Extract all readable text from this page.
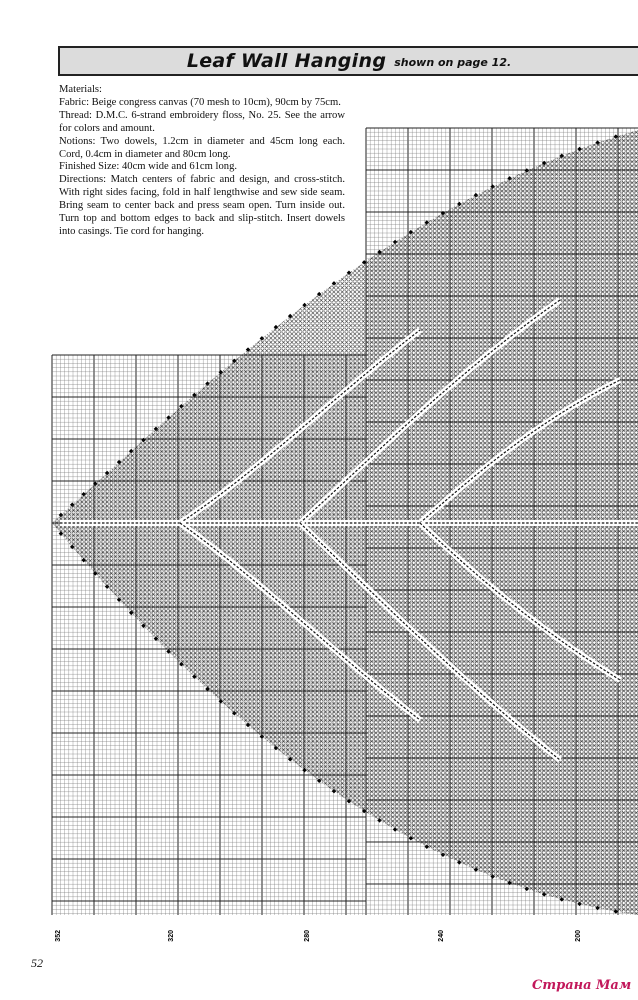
Leaf Wall Hanging shown on page 12.

Materials:

Fabric: Beige congress canvas (70 mesh to 10cm), 90cm by 75cm.

Thread: D.M.C. 6-strand embroidery floss, No. 25. See the arrow for colors and amount.

Notions: Two dowels, 1.2cm in diameter and 45cm long each. Cord, 0.4cm in diameter and 80cm long.

Finished Size: 40cm wide and 61cm long.

Directions: Match centers of fabric and design, and cross-stitch. With right sides facing, fold in half lengthwise and sew side seam. Bring seam to center back and press seam open. Turn inside out. Turn top and bottom edges to back and slip-stitch. Insert dowels into casings. Tie cord for hanging.

352	320	280	240	200
52
Страна Мам
